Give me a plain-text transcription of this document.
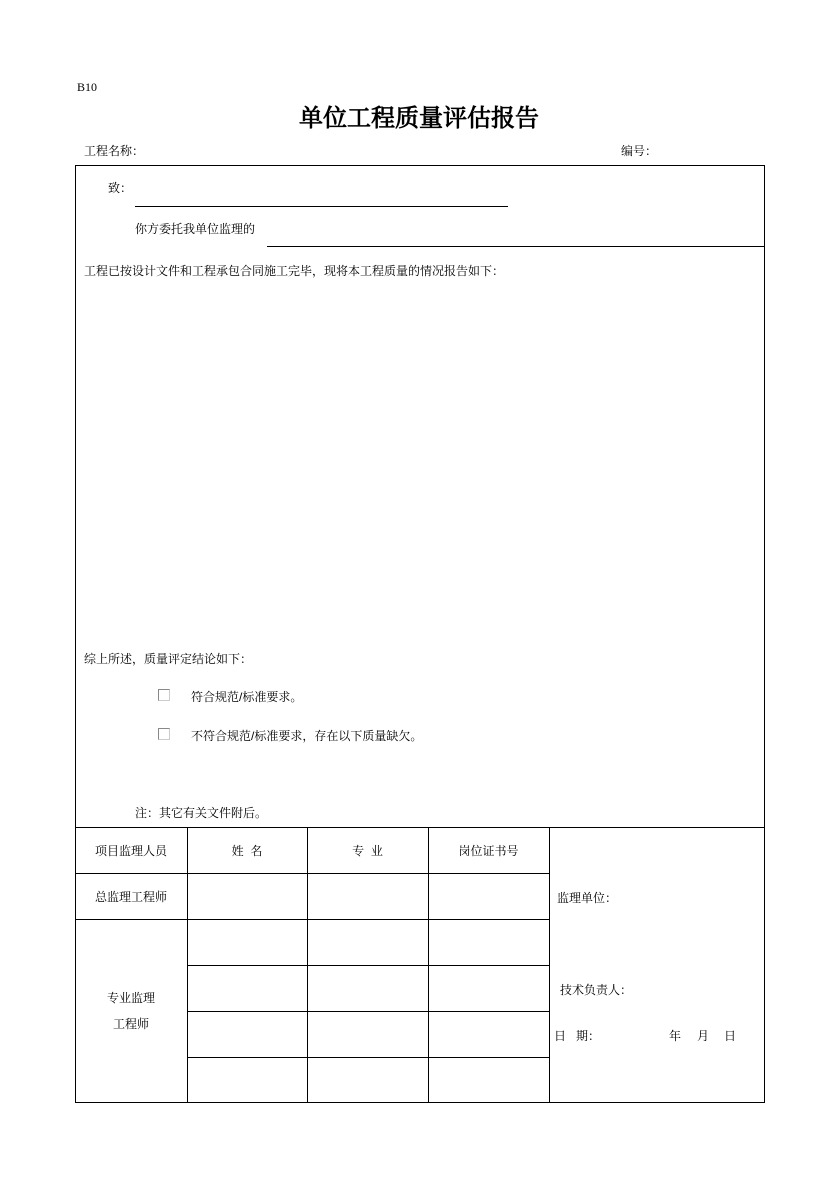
B10
单位工程质量评估报告
工程名称：	编号：
致：
你方委托我单位监理的
工程已按设计文件和工程承包合同施工完毕，现将本工程质量的情况报告如下：
综上所述，质量评定结论如下：
符合规范/标准要求。
不符合规范/标准要求，存在以下质量缺欠。
注：其它有关文件附后。
项目监理人员	姓  名	专  业	岗位证书号
总监理工程师
专业监理
工程师
监理单位：
技术负责人：
日   期：	年 月 日
